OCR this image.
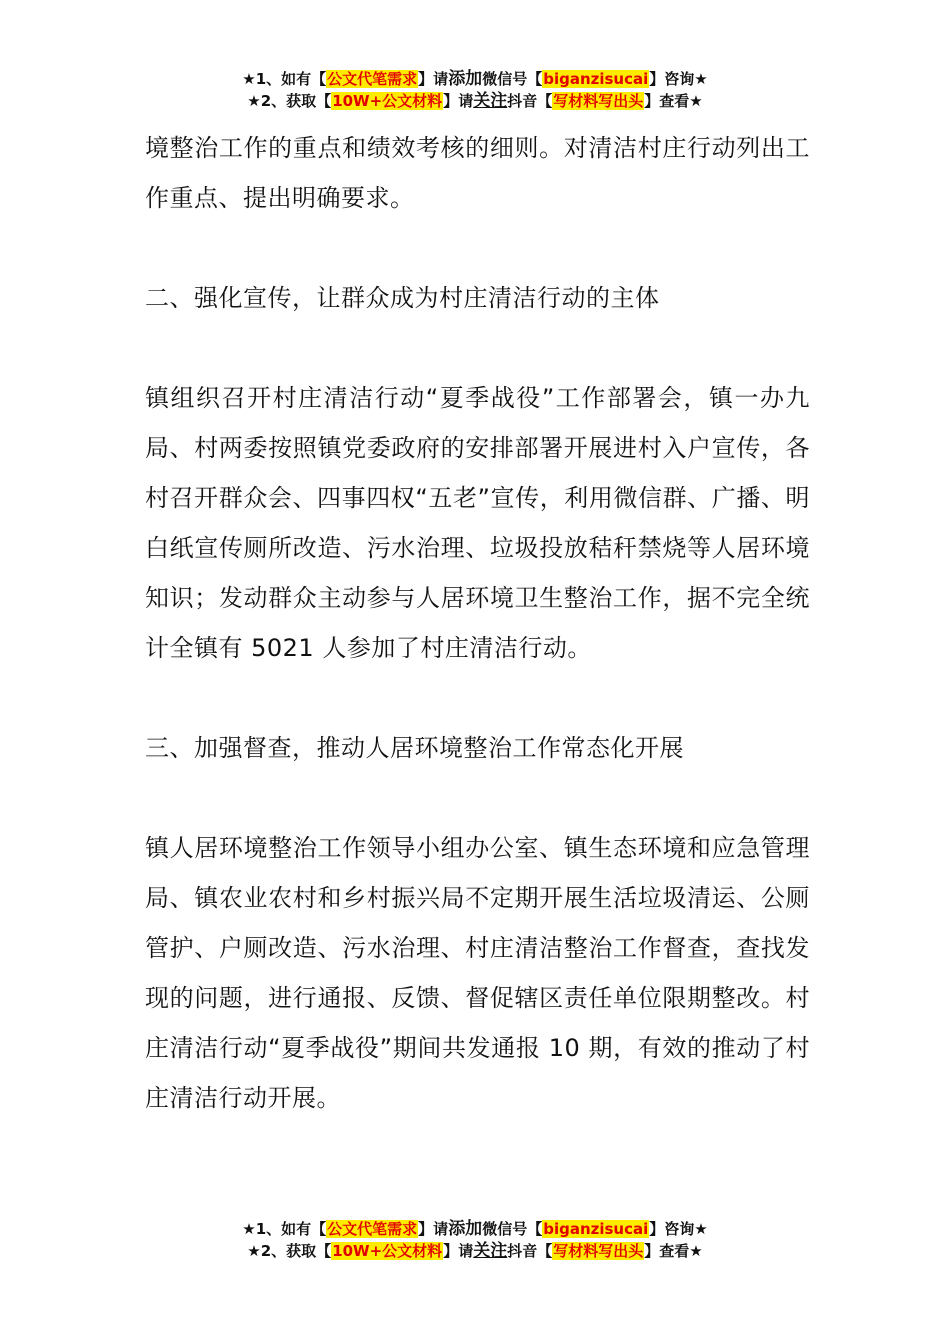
★1、如有【公文代笔需求】请添加微信号【biganzisucai】咨询★
★2、获取【10W+公文材料】请关注抖音【写材料写出头】查看★

境整治工作的重点和绩效考核的细则。对清洁村庄行动列出工作重点、提出明确要求。

二、强化宣传，让群众成为村庄清洁行动的主体

镇组织召开村庄清洁行动“夏季战役”工作部署会，镇一办九局、村两委按照镇党委政府的安排部署开展进村入户宣传，各村召开群众会、四事四权“五老”宣传，利用微信群、广播、明白纸宣传厕所改造、污水治理、垃圾投放秸秆禁烧等人居环境知识；发动群众主动参与人居环境卫生整治工作，据不完全统计全镇有 5021 人参加了村庄清洁行动。

三、加强督查，推动人居环境整治工作常态化开展

镇人居环境整治工作领导小组办公室、镇生态环境和应急管理局、镇农业农村和乡村振兴局不定期开展生活垃圾清运、公厕管护、户厕改造、污水治理、村庄清洁整治工作督查，查找发现的问题，进行通报、反馈、督促辖区责任单位限期整改。村庄清洁行动“夏季战役”期间共发通报 10 期，有效的推动了村庄清洁行动开展。

★1、如有【公文代笔需求】请添加微信号【biganzisucai】咨询★
★2、获取【10W+公文材料】请关注抖音【写材料写出头】查看★
